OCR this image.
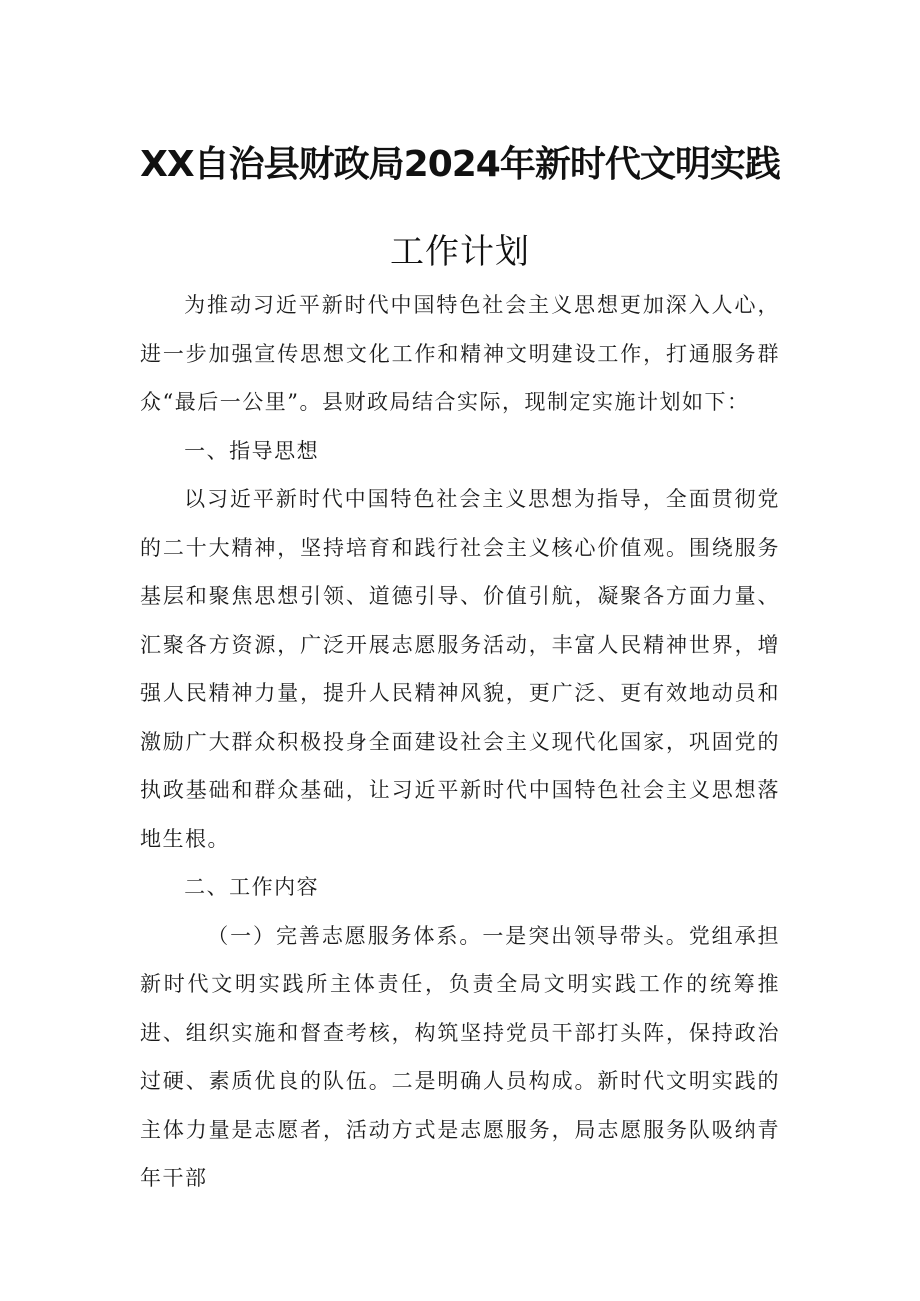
XX自治县财政局2024年新时代文明实践
工作计划

为推动习近平新时代中国特色社会主义思想更加深入人心，进一步加强宣传思想文化工作和精神文明建设工作，打通服务群众“最后一公里”。县财政局结合实际，现制定实施计划如下：

一、指导思想

以习近平新时代中国特色社会主义思想为指导，全面贯彻党的二十大精神，坚持培育和践行社会主义核心价值观。围绕服务基层和聚焦思想引领、道德引导、价值引航，凝聚各方面力量、汇聚各方资源，广泛开展志愿服务活动，丰富人民精神世界，增强人民精神力量，提升人民精神风貌，更广泛、更有效地动员和激励广大群众积极投身全面建设社会主义现代化国家，巩固党的执政基础和群众基础，让习近平新时代中国特色社会主义思想落地生根。

二、工作内容

（一）完善志愿服务体系。一是突出领导带头。党组承担新时代文明实践所主体责任，负责全局文明实践工作的统筹推进、组织实施和督查考核，构筑坚持党员干部打头阵，保持政治过硬、素质优良的队伍。二是明确人员构成。新时代文明实践的主体力量是志愿者，活动方式是志愿服务，局志愿服务队吸纳青年干部
